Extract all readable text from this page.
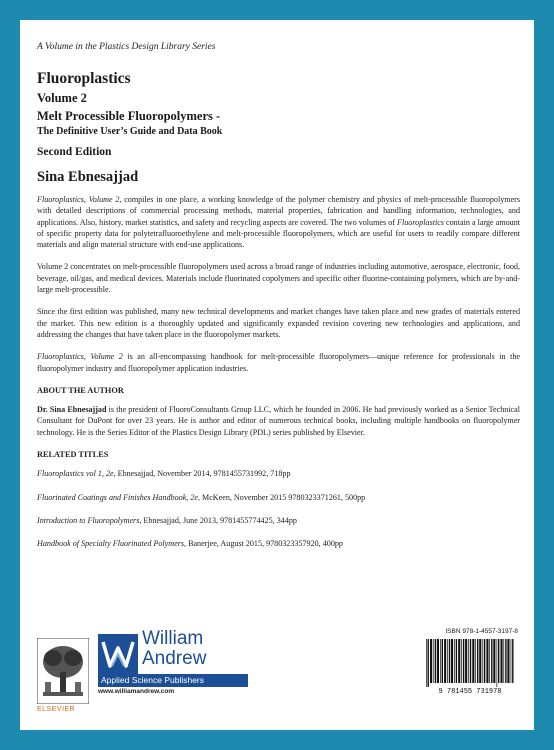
A Volume in the Plastics Design Library Series
Fluoroplastics
Volume 2
Melt Processible Fluoropolymers -
The Definitive User’s Guide and Data Book
Second Edition
Sina Ebnesajjad

Fluoroplastics, Volume 2, compiles in one place, a working knowledge of the polymer chemistry and physics of melt-processible fluoropolymers with detailed descriptions of commercial processing methods, material properties, fabrication and handling information, technologies, and applications. Also, history, market statistics, and safety and recycling aspects are covered. The two volumes of Fluoroplastics contain a large amount of specific property data for polytetrafluoroethylene and melt-processible fluoropolymers, which are useful for users to readily compare different materials and align material structure with end-use applications.

Volume 2 concentrates on melt-processible fluoropolymers used across a broad range of industries including automotive, aerospace, electronic, food, beverage, oil/gas, and medical devices. Materials include fluorinated copolymers and specific other fluorine-containing polymers, which are by-and-large melt-processible.

Since the first edition was published, many new technical developments and market changes have taken place and new grades of materials entered the market. This new edition is a thoroughly updated and significantly expanded revision covering new technologies and applications, and addressing the changes that have taken place in the fluoropolymer markets.

Fluoroplastics, Volume 2 is an all-encompassing handbook for melt-processible fluoropolymers—unique reference for professionals in the fluoropolymer industry and fluoropolymer application industries.

ABOUT THE AUTHOR

Dr. Sina Ebnesajjad is the president of FluoroConsultants Group LLC, which he founded in 2006. He had previously worked as a Senior Technical Consultant for DuPont for over 23 years. He is author and editor of numerous technical books, including multiple handbooks on fluoropolymer technology. He is the Series Editor of the Plastics Design Library (PDL) series published by Elsevier.

RELATED TITLES
Fluoroplastics vol 1, 2e, Ebnesajjad, November 2014, 9781455731992, 718pp
Fluorinated Coatings and Finishes Handbook, 2e, McKeen, November 2015 9780323371261, 500pp
Introduction to Fluoropolymers, Ebnesajjad, June 2013, 9781455774425, 344pp
Handbook of Specialty Fluorinated Polymers, Banerjee, August 2015, 9780323357920, 400pp
ELSEVIER
William
Andrew
Applied Science Publishers
www.williamandrew.com
ISBN 978-1-4557-3197-8
9 781455 731978
